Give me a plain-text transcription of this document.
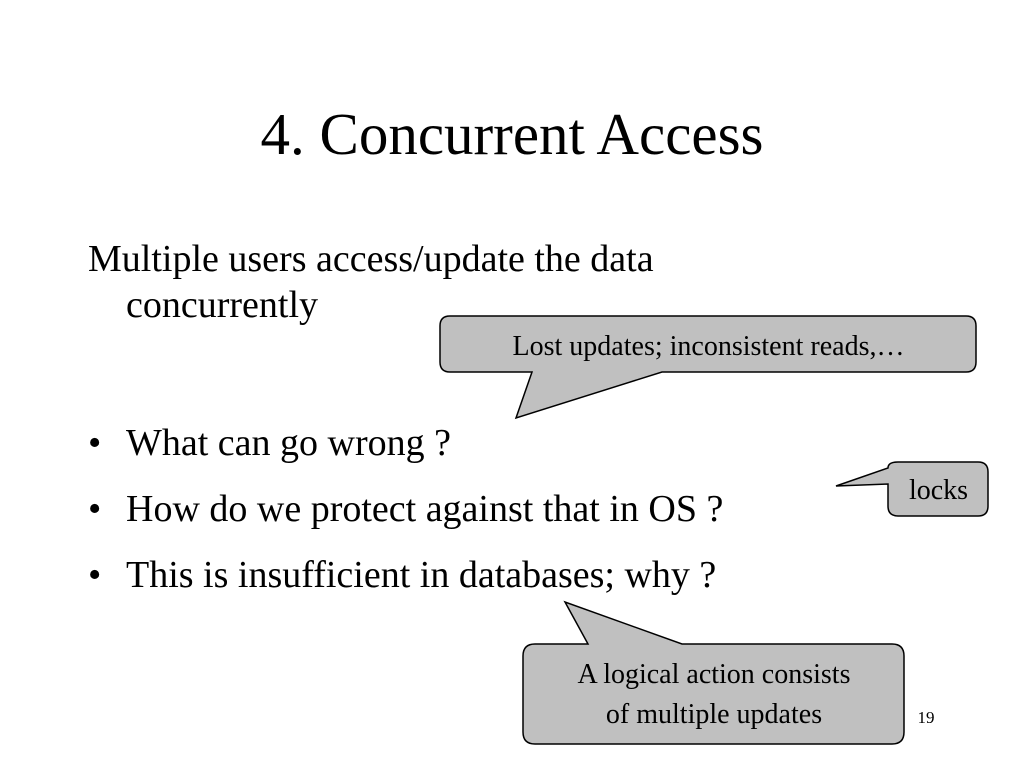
4. Concurrent Access
Multiple users access/update the data
concurrently
• What can go wrong ?
• How do we protect against that in OS ?
• This is insufficient in databases; why ?
Lost updates; inconsistent reads,…
locks
A logical action consists
of multiple updates	19
